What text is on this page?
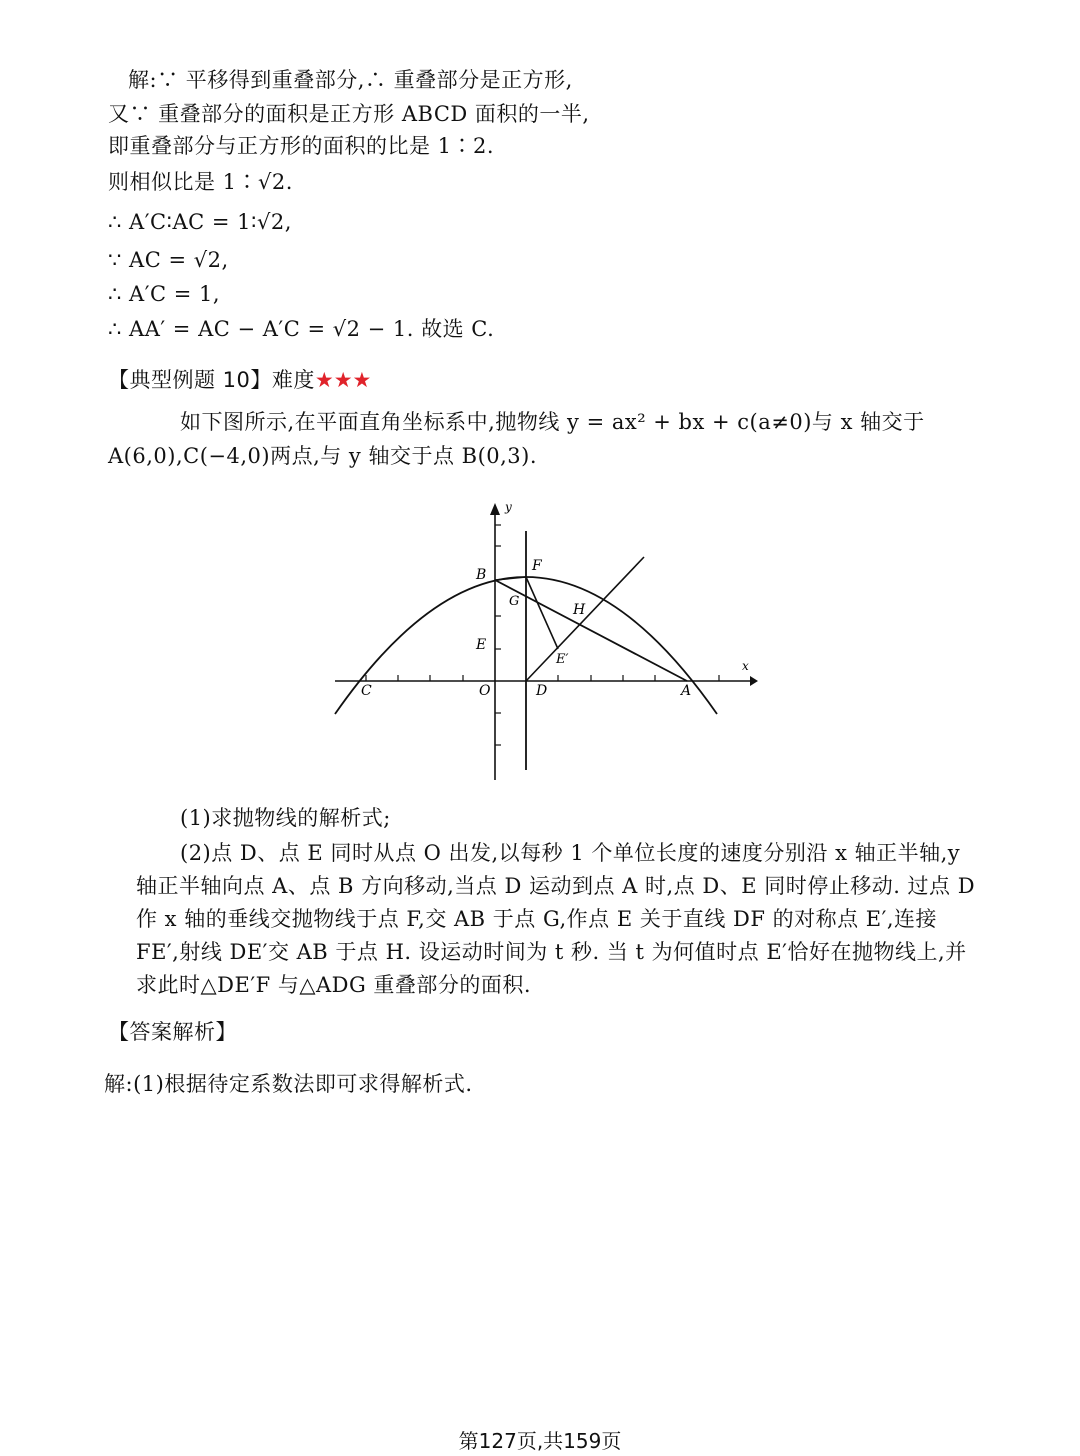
解:∵ 平移得到重叠部分,∴ 重叠部分是正方形,
又∵ 重叠部分的面积是正方形 ABCD 面积的一半,
即重叠部分与正方形的面积的比是 1∶2.
则相似比是 1∶√2.
∴ A′C∶AC = 1∶√2,
∵ AC = √2,
∴ A′C = 1,
∴ AA′ = AC − A′C = √2 − 1. 故选 C.
【典型例题 10】难度★★★
如下图所示,在平面直角坐标系中,抛物线 y = ax² + bx + c(a≠0)与 x 轴交于
A(6,0),C(−4,0)两点,与 y 轴交于点 B(0,3).
y
x
B
F
G
H
E
E′
C	O	D	A
(1)求抛物线的解析式;
(2)点 D、点 E 同时从点 O 出发,以每秒 1 个单位长度的速度分别沿 x 轴正半轴,y
轴正半轴向点 A、点 B 方向移动,当点 D 运动到点 A 时,点 D、E 同时停止移动. 过点 D
作 x 轴的垂线交抛物线于点 F,交 AB 于点 G,作点 E 关于直线 DF 的对称点 E′,连接
FE′,射线 DE′交 AB 于点 H. 设运动时间为 t 秒. 当 t 为何值时点 E′恰好在抛物线上,并
求此时△DE′F 与△ADG 重叠部分的面积.
【答案解析】
解:(1)根据待定系数法即可求得解析式.
第127页,共159页
